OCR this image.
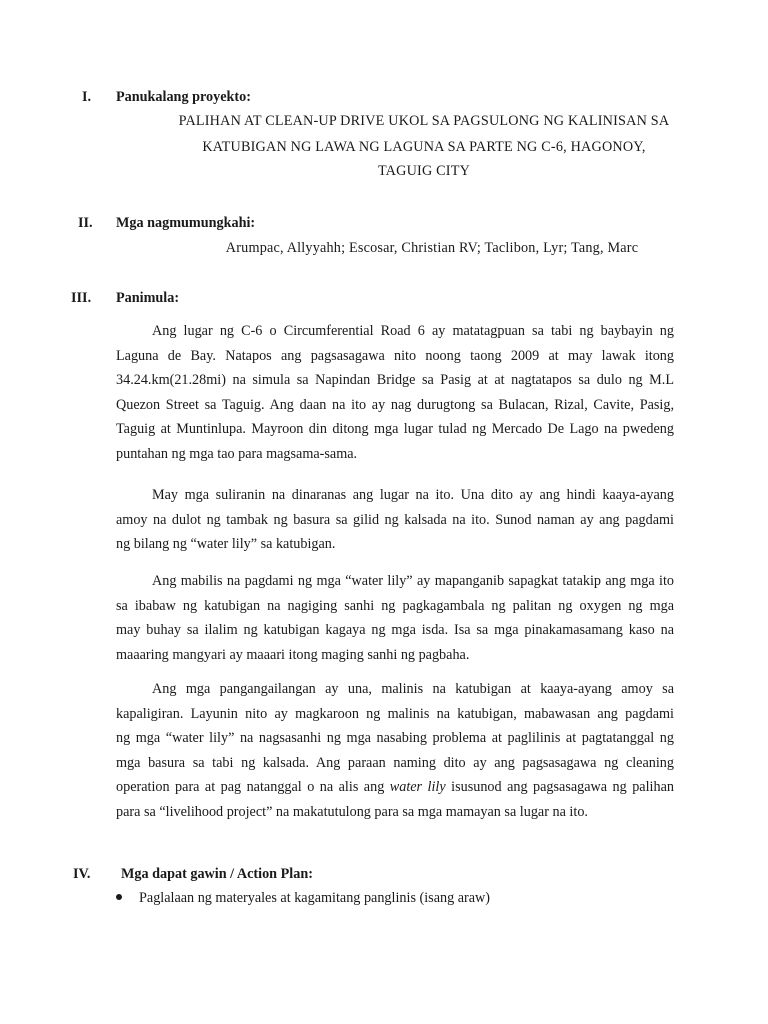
I. Panukalang proyekto:
PALIHAN AT CLEAN-UP DRIVE UKOL SA PAGSULONG NG KALINISAN SA
KATUBIGAN NG LAWA NG LAGUNA SA PARTE NG C-6, HAGONOY,
TAGUIG CITY
II. Mga nagmumungkahi:
Arumpac, Allyyahh; Escosar, Christian RV; Taclibon, Lyr; Tang, Marc
III. Panimula:
Ang lugar ng C-6 o Circumferential Road 6 ay matatagpuan sa tabi ng baybayin ng
Laguna de Bay. Natapos ang pagsasagawa nito noong taong 2009 at may lawak itong
34.24.km(21.28mi) na simula sa Napindan Bridge sa Pasig at at nagtatapos sa dulo ng M.L
Quezon Street sa Taguig. Ang daan na ito ay nag durugtong sa Bulacan, Rizal, Cavite, Pasig,
Taguig at Muntinlupa. Mayroon din ditong mga lugar tulad ng Mercado De Lago na pwedeng
puntahan ng mga tao para magsama-sama.
May mga suliranin na dinaranas ang lugar na ito. Una dito ay ang hindi kaaya-ayang
amoy na dulot ng tambak ng basura sa gilid ng kalsada na ito. Sunod naman ay ang pagdami
ng bilang ng “water lily” sa katubigan.
Ang mabilis na pagdami ng mga “water lily” ay mapanganib sapagkat tatakip ang mga ito
sa ibabaw ng katubigan na nagiging sanhi ng pagkagambala ng palitan ng oxygen ng mga
may buhay sa ilalim ng katubigan kagaya ng mga isda. Isa sa mga pinakamasamang kaso na
maaaring mangyari ay maaari itong maging sanhi ng pagbaha.
Ang mga pangangailangan ay una, malinis na katubigan at kaaya-ayang amoy sa
kapaligiran. Layunin nito ay magkaroon ng malinis na katubigan, mabawasan ang pagdami
ng mga “water lily” na nagsasanhi ng mga nasabing problema at paglilinis at pagtatanggal ng
mga basura sa tabi ng kalsada. Ang paraan naming dito ay ang pagsasagawa ng cleaning
operation para at pag natanggal o na alis ang water lily isusunod ang pagsasagawa ng palihan
para sa “livelihood project” na makatutulong para sa mga mamayan sa lugar na ito.
IV. Mga dapat gawin / Action Plan:
Paglalaan ng materyales at kagamitang panglinis (isang araw)
